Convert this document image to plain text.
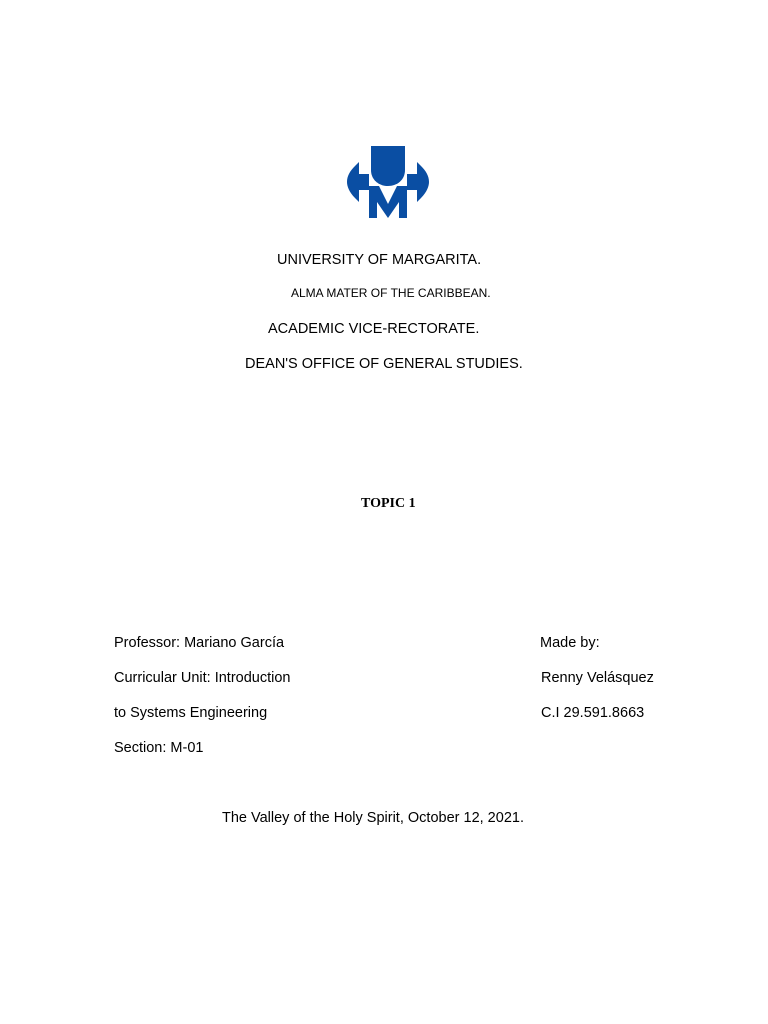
UNIVERSITY OF MARGARITA.
ALMA MATER OF THE CARIBBEAN.
ACADEMIC VICE-RECTORATE.
DEAN'S OFFICE OF GENERAL STUDIES.
TOPIC 1
Professor: Mariano García
Curricular Unit: Introduction
to Systems Engineering
Section: M-01
Made by:
Renny Velásquez
C.I 29.591.8663
The Valley of the Holy Spirit, October 12, 2021.
